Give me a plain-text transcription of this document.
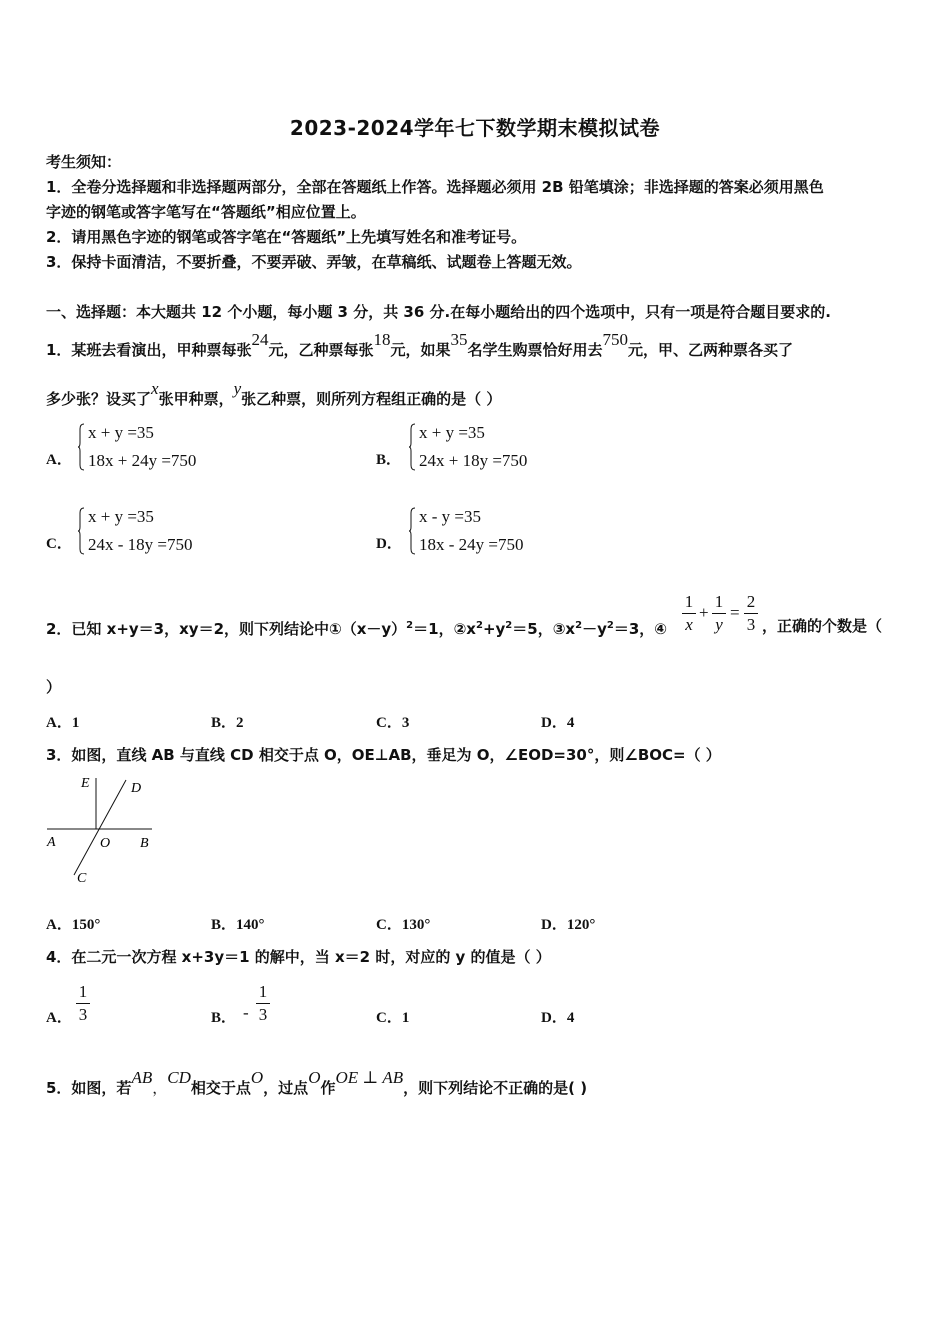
2023-2024学年七下数学期末模拟试卷
考生须知：
1．全卷分选择题和非选择题两部分，全部在答题纸上作答。选择题必须用 2B 铅笔填涂；非选择题的答案必须用黑色
字迹的钢笔或答字笔写在“答题纸”相应位置上。
2．请用黑色字迹的钢笔或答字笔在“答题纸”上先填写姓名和准考证号。
3．保持卡面清洁，不要折叠，不要弄破、弄皱，在草稿纸、试题卷上答题无效。
一、选择题：本大题共 12 个小题，每小题 3 分，共 36 分.在每小题给出的四个选项中，只有一项是符合题目要求的.
1．某班去看演出，甲种票每张24元，乙种票每张18元，如果35名学生购票恰好用去750元，甲、乙两种票各买了
多少张？设买了x张甲种票，y张乙种票，则所列方程组正确的是（ ）
A．
x + y =35
18x + 24y =750	B．
x + y =35
24x + 18y =750
C．
x + y =35
24x - 18y =750	D．
x - y =35
18x - 24y =750
2．已知 x+y＝3，xy＝2，则下列结论中$①(x-y)^2=1$，$②x^2+y^2=5$，$③x^2-y^2=3$，④
1
x
+
1
y
=
2
3 ，正确的个数是（
）
A．1	B．2	C．3	D．4
3．如图，直线 AB 与直线 CD 相交于点 O，OE⊥AB，垂足为 O，∠EOD=30°，则∠BOC=（ ）
E	D
A	O B
C
A．150°	B．140°	C．130°	D．120°
4．在二元一次方程 x+3y＝1 的解中，当 x＝2 时，对应的 y 的值是（ ）
A．
1
3	B． -
1
3	C．1	D．4
5．如图，若AB，CD相交于点O，过点O作OE ⊥ AB，则下列结论不正确的是( )
